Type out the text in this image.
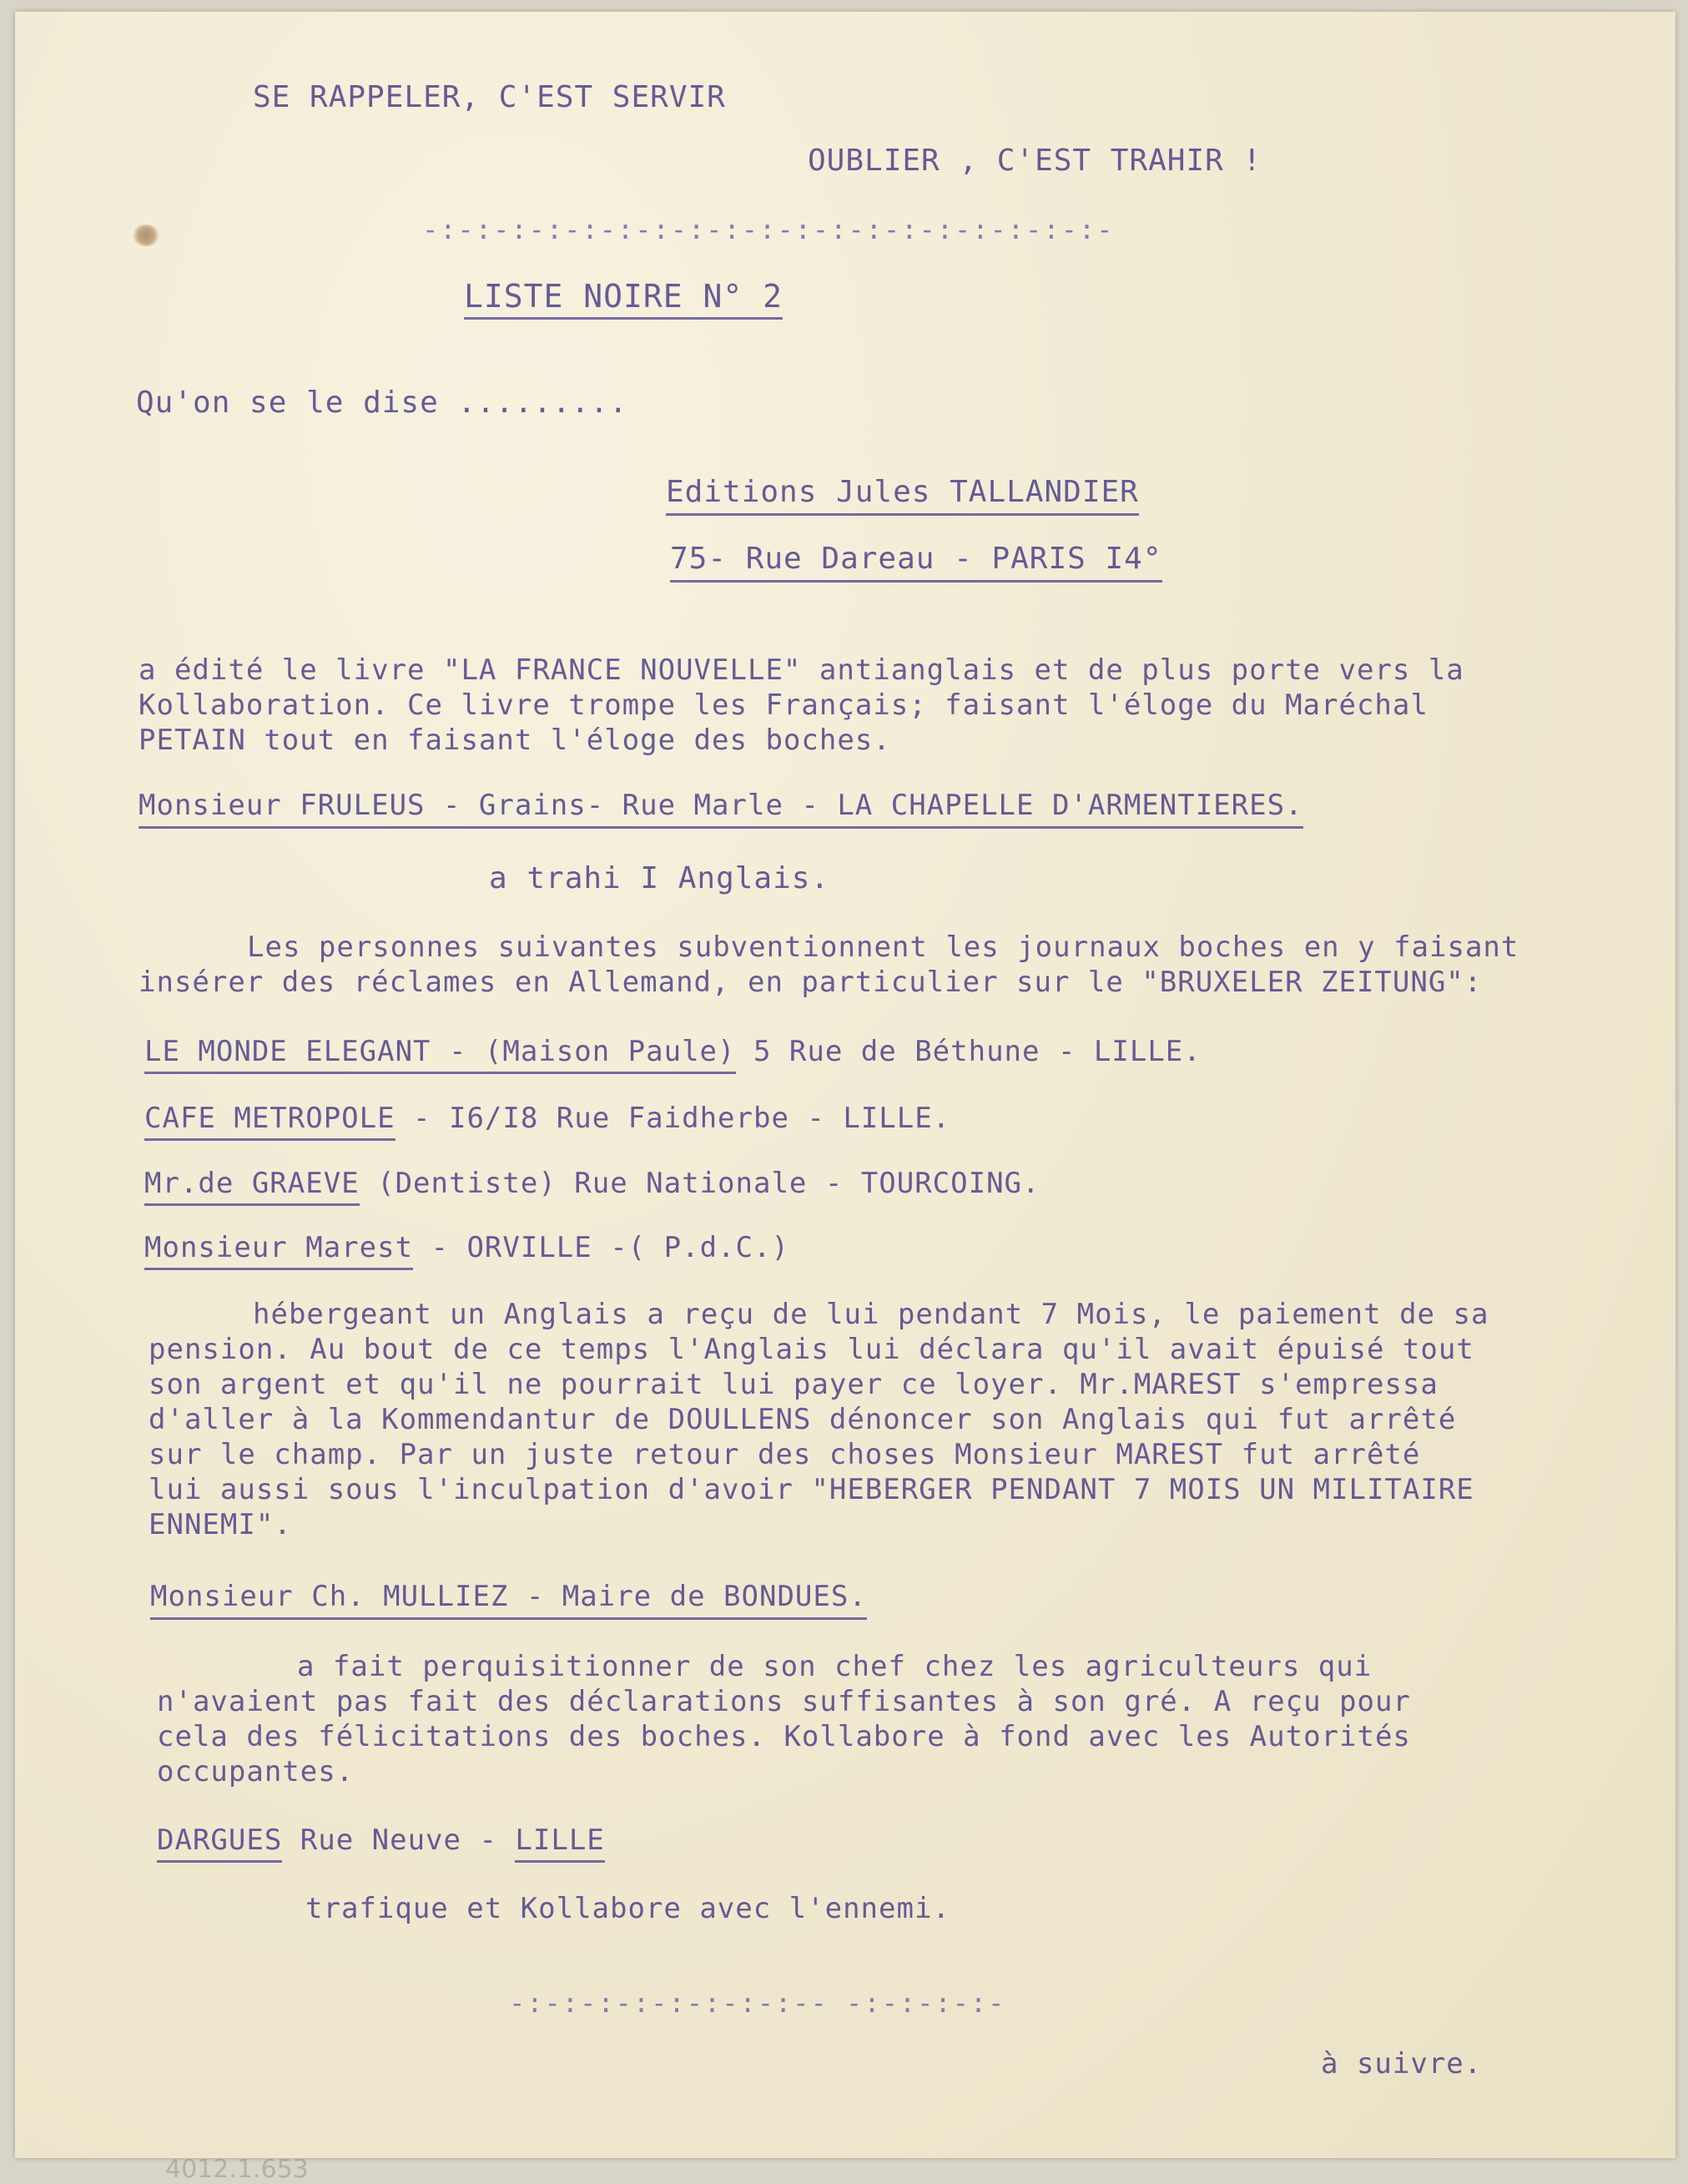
SE RAPPELER, C'EST SERVIR
OUBLIER , C'EST TRAHIR !
-:-:-:-:-:-:-:-:-:-:-:-:-:-:-:-:-:-:-:-
LISTE NOIRE N° 2
Qu'on se le dise .........
Editions Jules TALLANDIER
75- Rue Dareau - PARIS I4°
a édité le livre "LA FRANCE NOUVELLE" antianglais et de plus porte vers la
Kollaboration. Ce livre trompe les Français; faisant l'éloge du Maréchal
PETAIN tout en faisant l'éloge des boches.
Monsieur FRULEUS - Grains- Rue Marle - LA CHAPELLE D'ARMENTIERES.
a trahi I Anglais.
Les personnes suivantes subventionnent les journaux boches en y faisant
insérer des réclames en Allemand, en particulier sur le "BRUXELER ZEITUNG":
LE MONDE ELEGANT - (Maison Paule) 5 Rue de Béthune - LILLE.
CAFE METROPOLE - I6/I8 Rue Faidherbe - LILLE.
Mr.de GRAEVE (Dentiste) Rue Nationale - TOURCOING.
Monsieur Marest - ORVILLE -( P.d.C.)
hébergeant un Anglais a reçu de lui pendant 7 Mois, le paiement de sa
pension. Au bout de ce temps l'Anglais lui déclara qu'il avait épuisé tout
son argent et qu'il ne pourrait lui payer ce loyer. Mr.MAREST s'empressa
d'aller à la Kommendantur de DOULLENS dénoncer son Anglais qui fut arrêté
sur le champ. Par un juste retour des choses Monsieur MAREST fut arrêté
lui aussi sous l'inculpation d'avoir "HEBERGER PENDANT 7 MOIS UN MILITAIRE
ENNEMI".
Monsieur Ch. MULLIEZ - Maire de BONDUES.
a fait perquisitionner de son chef chez les agriculteurs qui
n'avaient pas fait des déclarations suffisantes à son gré. A reçu pour
cela des félicitations des boches. Kollabore à fond avec les Autorités
occupantes.
DARGUES Rue Neuve - LILLE
trafique et Kollabore avec l'ennemi.
-:-:-:-:-:-:-:-:-- -:-:-:-:-
à suivre.
4012.1.653
